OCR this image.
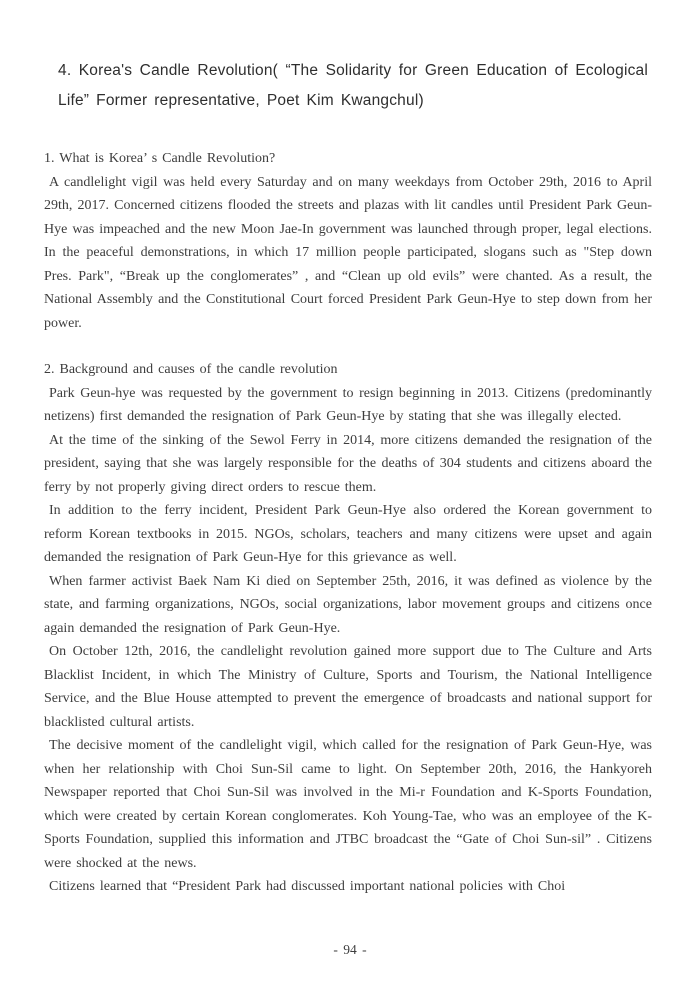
4. Korea's Candle Revolution( “The Solidarity for Green Education of Ecological Life” Former representative, Poet Kim Kwangchul)

1. What is Korea’ s Candle Revolution?

A candlelight vigil was held every Saturday and on many weekdays from October 29th, 2016 to April 29th, 2017. Concerned citizens flooded the streets and plazas with lit candles until President Park Geun-Hye was impeached and the new Moon Jae-In government was launched through proper, legal elections. In the peaceful demonstrations, in which 17 million people participated, slogans such as "Step down Pres. Park", “Break up the conglomerates” , and “Clean up old evils” were chanted. As a result, the National Assembly and the Constitutional Court forced President Park Geun-Hye to step down from her power.

2. Background and causes of the candle revolution

Park Geun-hye was requested by the government to resign beginning in 2013. Citizens (predominantly netizens) first demanded the resignation of Park Geun-Hye by stating that she was illegally elected.

At the time of the sinking of the Sewol Ferry in 2014, more citizens demanded the resignation of the president, saying that she was largely responsible for the deaths of 304 students and citizens aboard the ferry by not properly giving direct orders to rescue them.

In addition to the ferry incident, President Park Geun-Hye also ordered the Korean government to reform Korean textbooks in 2015. NGOs, scholars, teachers and many citizens were upset and again demanded the resignation of Park Geun-Hye for this grievance as well.

When farmer activist Baek Nam Ki died on September 25th, 2016, it was defined as violence by the state, and farming organizations, NGOs, social organizations, labor movement groups and citizens once again demanded the resignation of Park Geun-Hye.

On October 12th, 2016, the candlelight revolution gained more support due to The Culture and Arts Blacklist Incident, in which The Ministry of Culture, Sports and Tourism, the National Intelligence Service, and the Blue House attempted to prevent the emergence of broadcasts and national support for blacklisted cultural artists.

The decisive moment of the candlelight vigil, which called for the resignation of Park Geun-Hye, was when her relationship with Choi Sun-Sil came to light. On September 20th, 2016, the Hankyoreh Newspaper reported that Choi Sun-Sil was involved in the Mi-r Foundation and K-Sports Foundation, which were created by certain Korean conglomerates. Koh Young-Tae, who was an employee of the K-Sports Foundation, supplied this information and JTBC broadcast the “Gate of Choi Sun-sil” . Citizens were shocked at the news.

Citizens learned that “President Park had discussed important national policies with Choi

- 94 -
